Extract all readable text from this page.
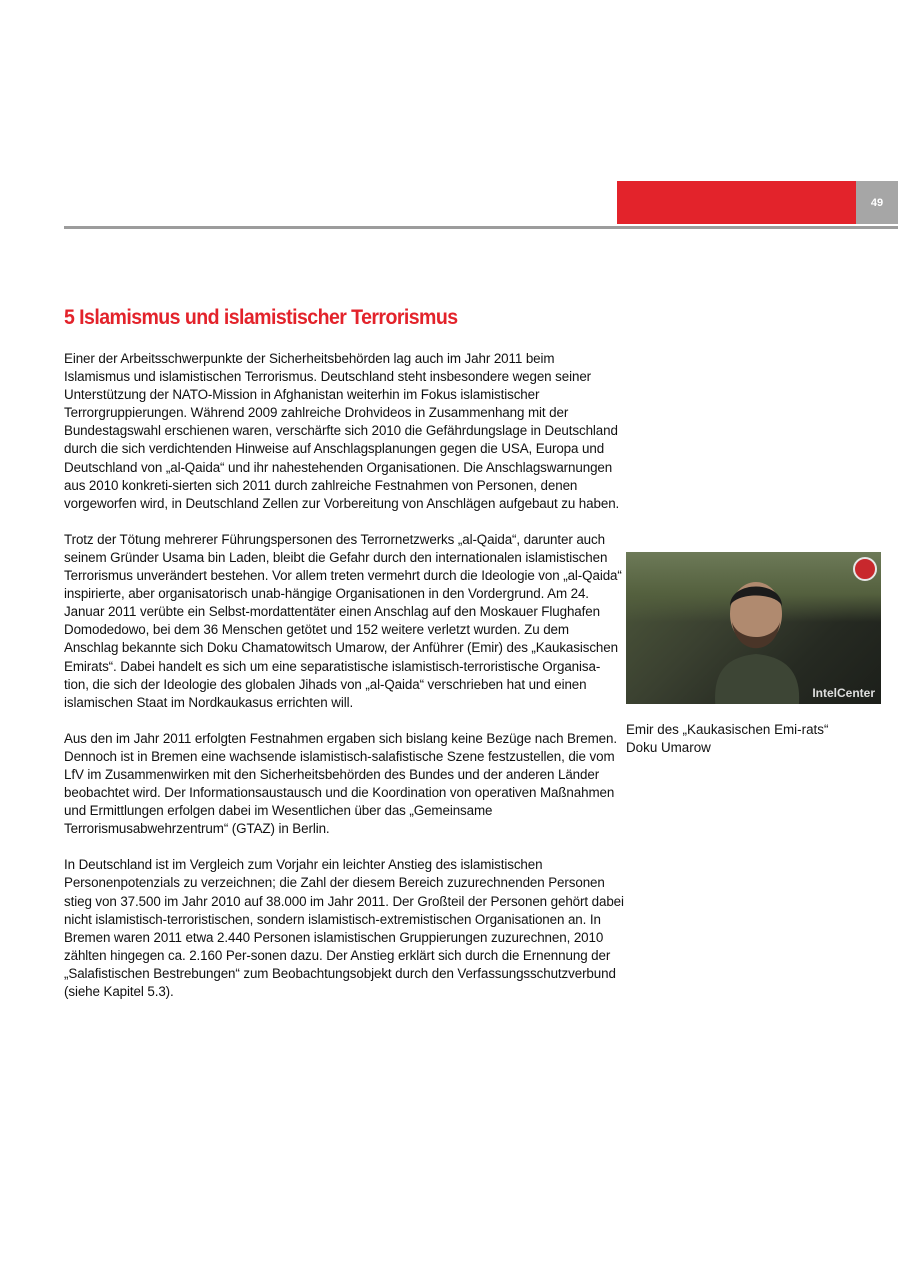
49
5 Islamismus und islamistischer Terrorismus

Einer der Arbeitsschwerpunkte der Sicherheitsbehörden lag auch im Jahr 2011 beim Islamismus und islamistischen Terrorismus. Deutschland steht insbesondere wegen seiner Unterstützung der NATO-Mission in Afghanistan weiterhin im Fokus islamistischer Terrorgruppierungen. Während 2009 zahlreiche Drohvideos in Zusammenhang mit der Bundestagswahl erschienen waren, verschärfte sich 2010 die Gefährdungslage in Deutschland durch die sich verdichtenden Hinweise auf Anschlagsplanungen gegen die USA, Europa und Deutschland von „al-Qaida“ und ihr nahestehenden Organisationen. Die Anschlagswarnungen aus 2010 konkreti-sierten sich 2011 durch zahlreiche Festnahmen von Personen, denen vorgeworfen wird, in Deutschland Zellen zur Vorbereitung von Anschlägen aufgebaut zu haben.

Trotz der Tötung mehrerer Führungspersonen des Terrornetzwerks „al-Qaida“, darunter auch seinem Gründer Usama bin Laden, bleibt die Gefahr durch den internationalen islamistischen Terrorismus unverändert bestehen. Vor allem treten vermehrt durch die Ideologie von „al-Qaida“ inspirierte, aber organisatorisch unab-hängige Organisationen in den Vordergrund. Am 24. Januar 2011 verübte ein Selbst-mordattentäter einen Anschlag auf den Moskauer Flughafen Domodedowo, bei dem 36 Menschen getötet und 152 weitere verletzt wurden. Zu dem Anschlag bekannte sich Doku Chamatowitsch Umarow, der Anführer (Emir) des „Kaukasischen Emirats“. Dabei handelt es sich um eine separatistische islamistisch-terroristische Organisa-tion, die sich der Ideologie des globalen Jihads von „al-Qaida“ verschrieben hat und einen islamischen Staat im Nordkaukasus errichten will.

Aus den im Jahr 2011 erfolgten Festnahmen ergaben sich bislang keine Bezüge nach Bremen. Dennoch ist in Bremen eine wachsende islamistisch-salafistische Szene festzustellen, die vom LfV im Zusammenwirken mit den Sicherheitsbehörden des Bundes und der anderen Länder beobachtet wird. Der Informationsaustausch und die Koordination von operativen Maßnahmen und Ermittlungen erfolgen dabei im Wesentlichen über das „Gemeinsame Terrorismusabwehrzentrum“ (GTAZ) in Berlin.

In Deutschland ist im Vergleich zum Vorjahr ein leichter Anstieg des islamistischen Personenpotenzials zu verzeichnen; die Zahl der diesem Bereich zuzurechnenden Personen stieg von 37.500 im Jahr 2010 auf 38.000 im Jahr 2011. Der Großteil der Personen gehört dabei nicht islamistisch-terroristischen, sondern islamistisch-extremistischen Organisationen an. In Bremen waren 2011 etwa 2.440 Personen islamistischen Gruppierungen zuzurechnen, 2010 zählten hingegen ca. 2.160 Per-sonen dazu. Der Anstieg erklärt sich durch die Ernennung der „Salafistischen Bestrebungen“ zum Beobachtungsobjekt durch den Verfassungsschutzverbund (siehe Kapitel 5.3).

IntelCenter

Emir des „Kaukasischen Emi-rats“ Doku Umarow
